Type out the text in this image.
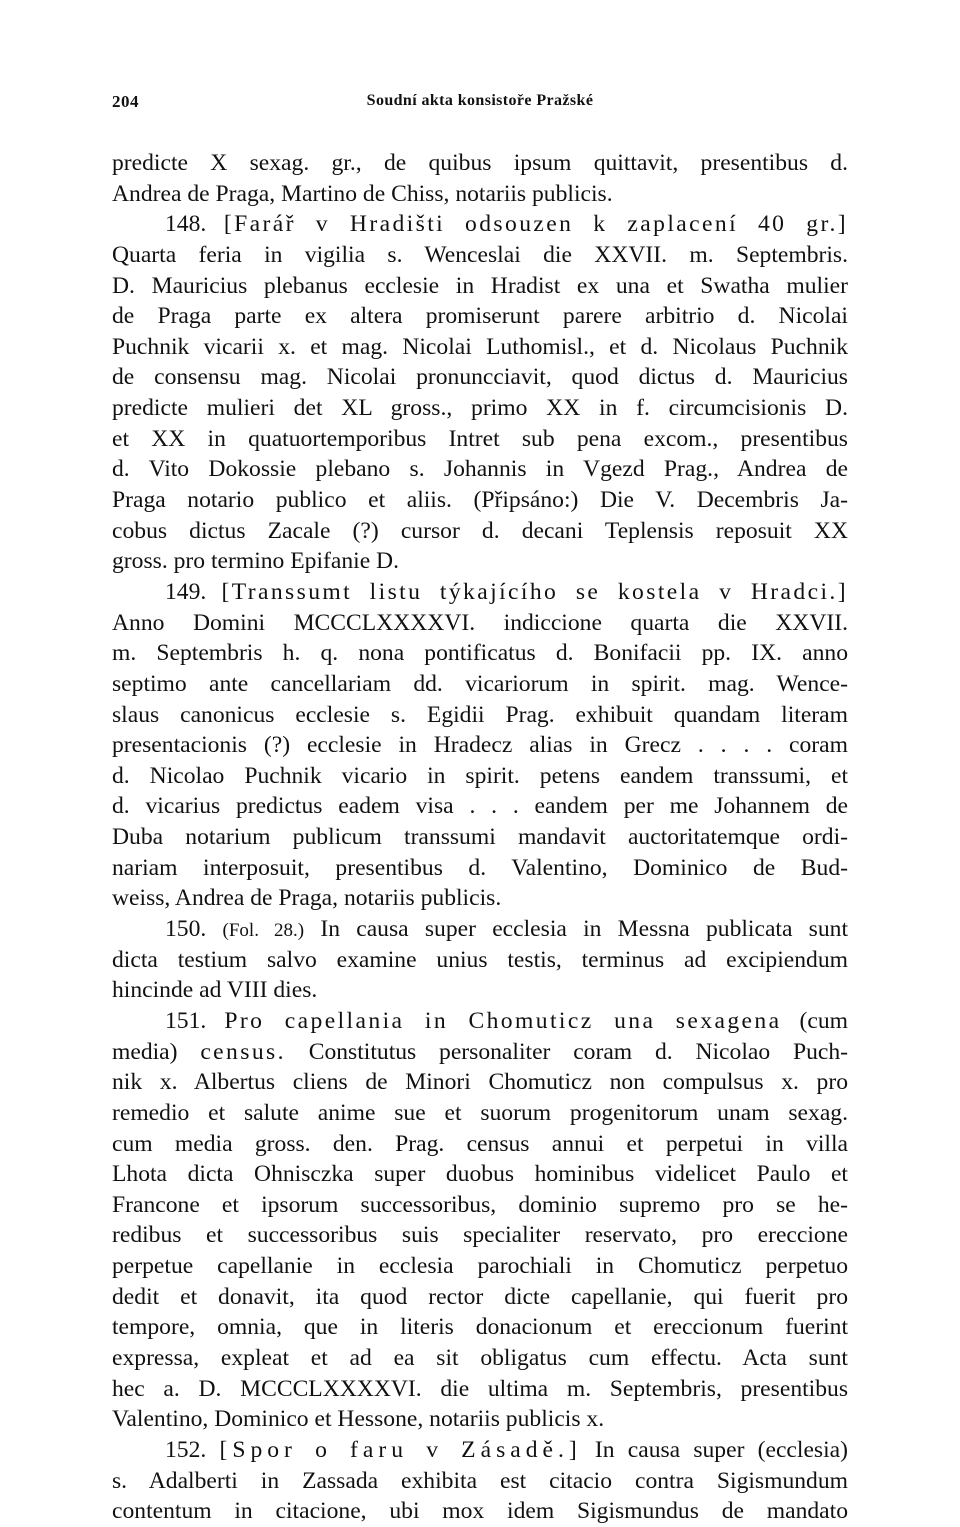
204	Soudní akta konsistoře Pražské
predicte X sexag. gr., de quibus ipsum quittavit, presentibus d.
Andrea de Praga, Martino de Chiss, notariis publicis.
148. [Farář v Hradišti odsouzen k zaplacení 40 gr.]
Quarta feria in vigilia s. Wenceslai die XXVII. m. Septembris.
D. Mauricius plebanus ecclesie in Hradist ex una et Swatha mulier
de Praga parte ex altera promiserunt parere arbitrio d. Nicolai
Puchnik vicarii x. et mag. Nicolai Luthomisl., et d. Nicolaus Puchnik
de consensu mag. Nicolai pronuncciavit, quod dictus d. Mauricius
predicte mulieri det XL gross., primo XX in f. circumcisionis D.
et XX in quatuortemporibus Intret sub pena excom., presentibus
d. Vito Dokossie plebano s. Johannis in Vgezd Prag., Andrea de
Praga notario publico et aliis. (Připsáno:) Die V. Decembris Ja-
cobus dictus Zacale (?) cursor d. decani Teplensis reposuit XX
gross. pro termino Epifanie D.
149. [Transsumt listu týkajícího se kostela v Hradci.]
Anno Domini MCCCLXXXXVI. indiccione quarta die XXVII.
m. Septembris h. q. nona pontificatus d. Bonifacii pp. IX. anno
septimo ante cancellariam dd. vicariorum in spirit. mag. Wence-
slaus canonicus ecclesie s. Egidii Prag. exhibuit quandam literam
presentacionis (?) ecclesie in Hradecz alias in Grecz . . . . coram
d. Nicolao Puchnik vicario in spirit. petens eandem transsumi, et
d. vicarius predictus eadem visa . . . eandem per me Johannem de
Duba notarium publicum transsumi mandavit auctoritatemque ordi-
nariam interposuit, presentibus d. Valentino, Dominico de Bud-
weiss, Andrea de Praga, notariis publicis.
150. (Fol. 28.) In causa super ecclesia in Messna publicata sunt
dicta testium salvo examine unius testis, terminus ad excipiendum
hincinde ad VIII dies.
151. Pro capellania in Chomuticz una sexagena (cum
media) census. Constitutus personaliter coram d. Nicolao Puch-
nik x. Albertus cliens de Minori Chomuticz non compulsus x. pro
remedio et salute anime sue et suorum progenitorum unam sexag.
cum media gross. den. Prag. census annui et perpetui in villa
Lhota dicta Ohnisczka super duobus hominibus videlicet Paulo et
Francone et ipsorum successoribus, dominio supremo pro se he-
redibus et successoribus suis specialiter reservato, pro ereccione
perpetue capellanie in ecclesia parochiali in Chomuticz perpetuo
dedit et donavit, ita quod rector dicte capellanie, qui fuerit pro
tempore, omnia, que in literis donacionum et ereccionum fuerint
expressa, expleat et ad ea sit obligatus cum effectu. Acta sunt
hec a. D. MCCCLXXXXVI. die ultima m. Septembris, presentibus
Valentino, Dominico et Hessone, notariis publicis x.
152. [Spor o faru v Zásadě.] In causa super (ecclesia)
s. Adalberti in Zassada exhibita est citacio contra Sigismundum
contentum in citacione, ubi mox idem Sigismundus de mandato
